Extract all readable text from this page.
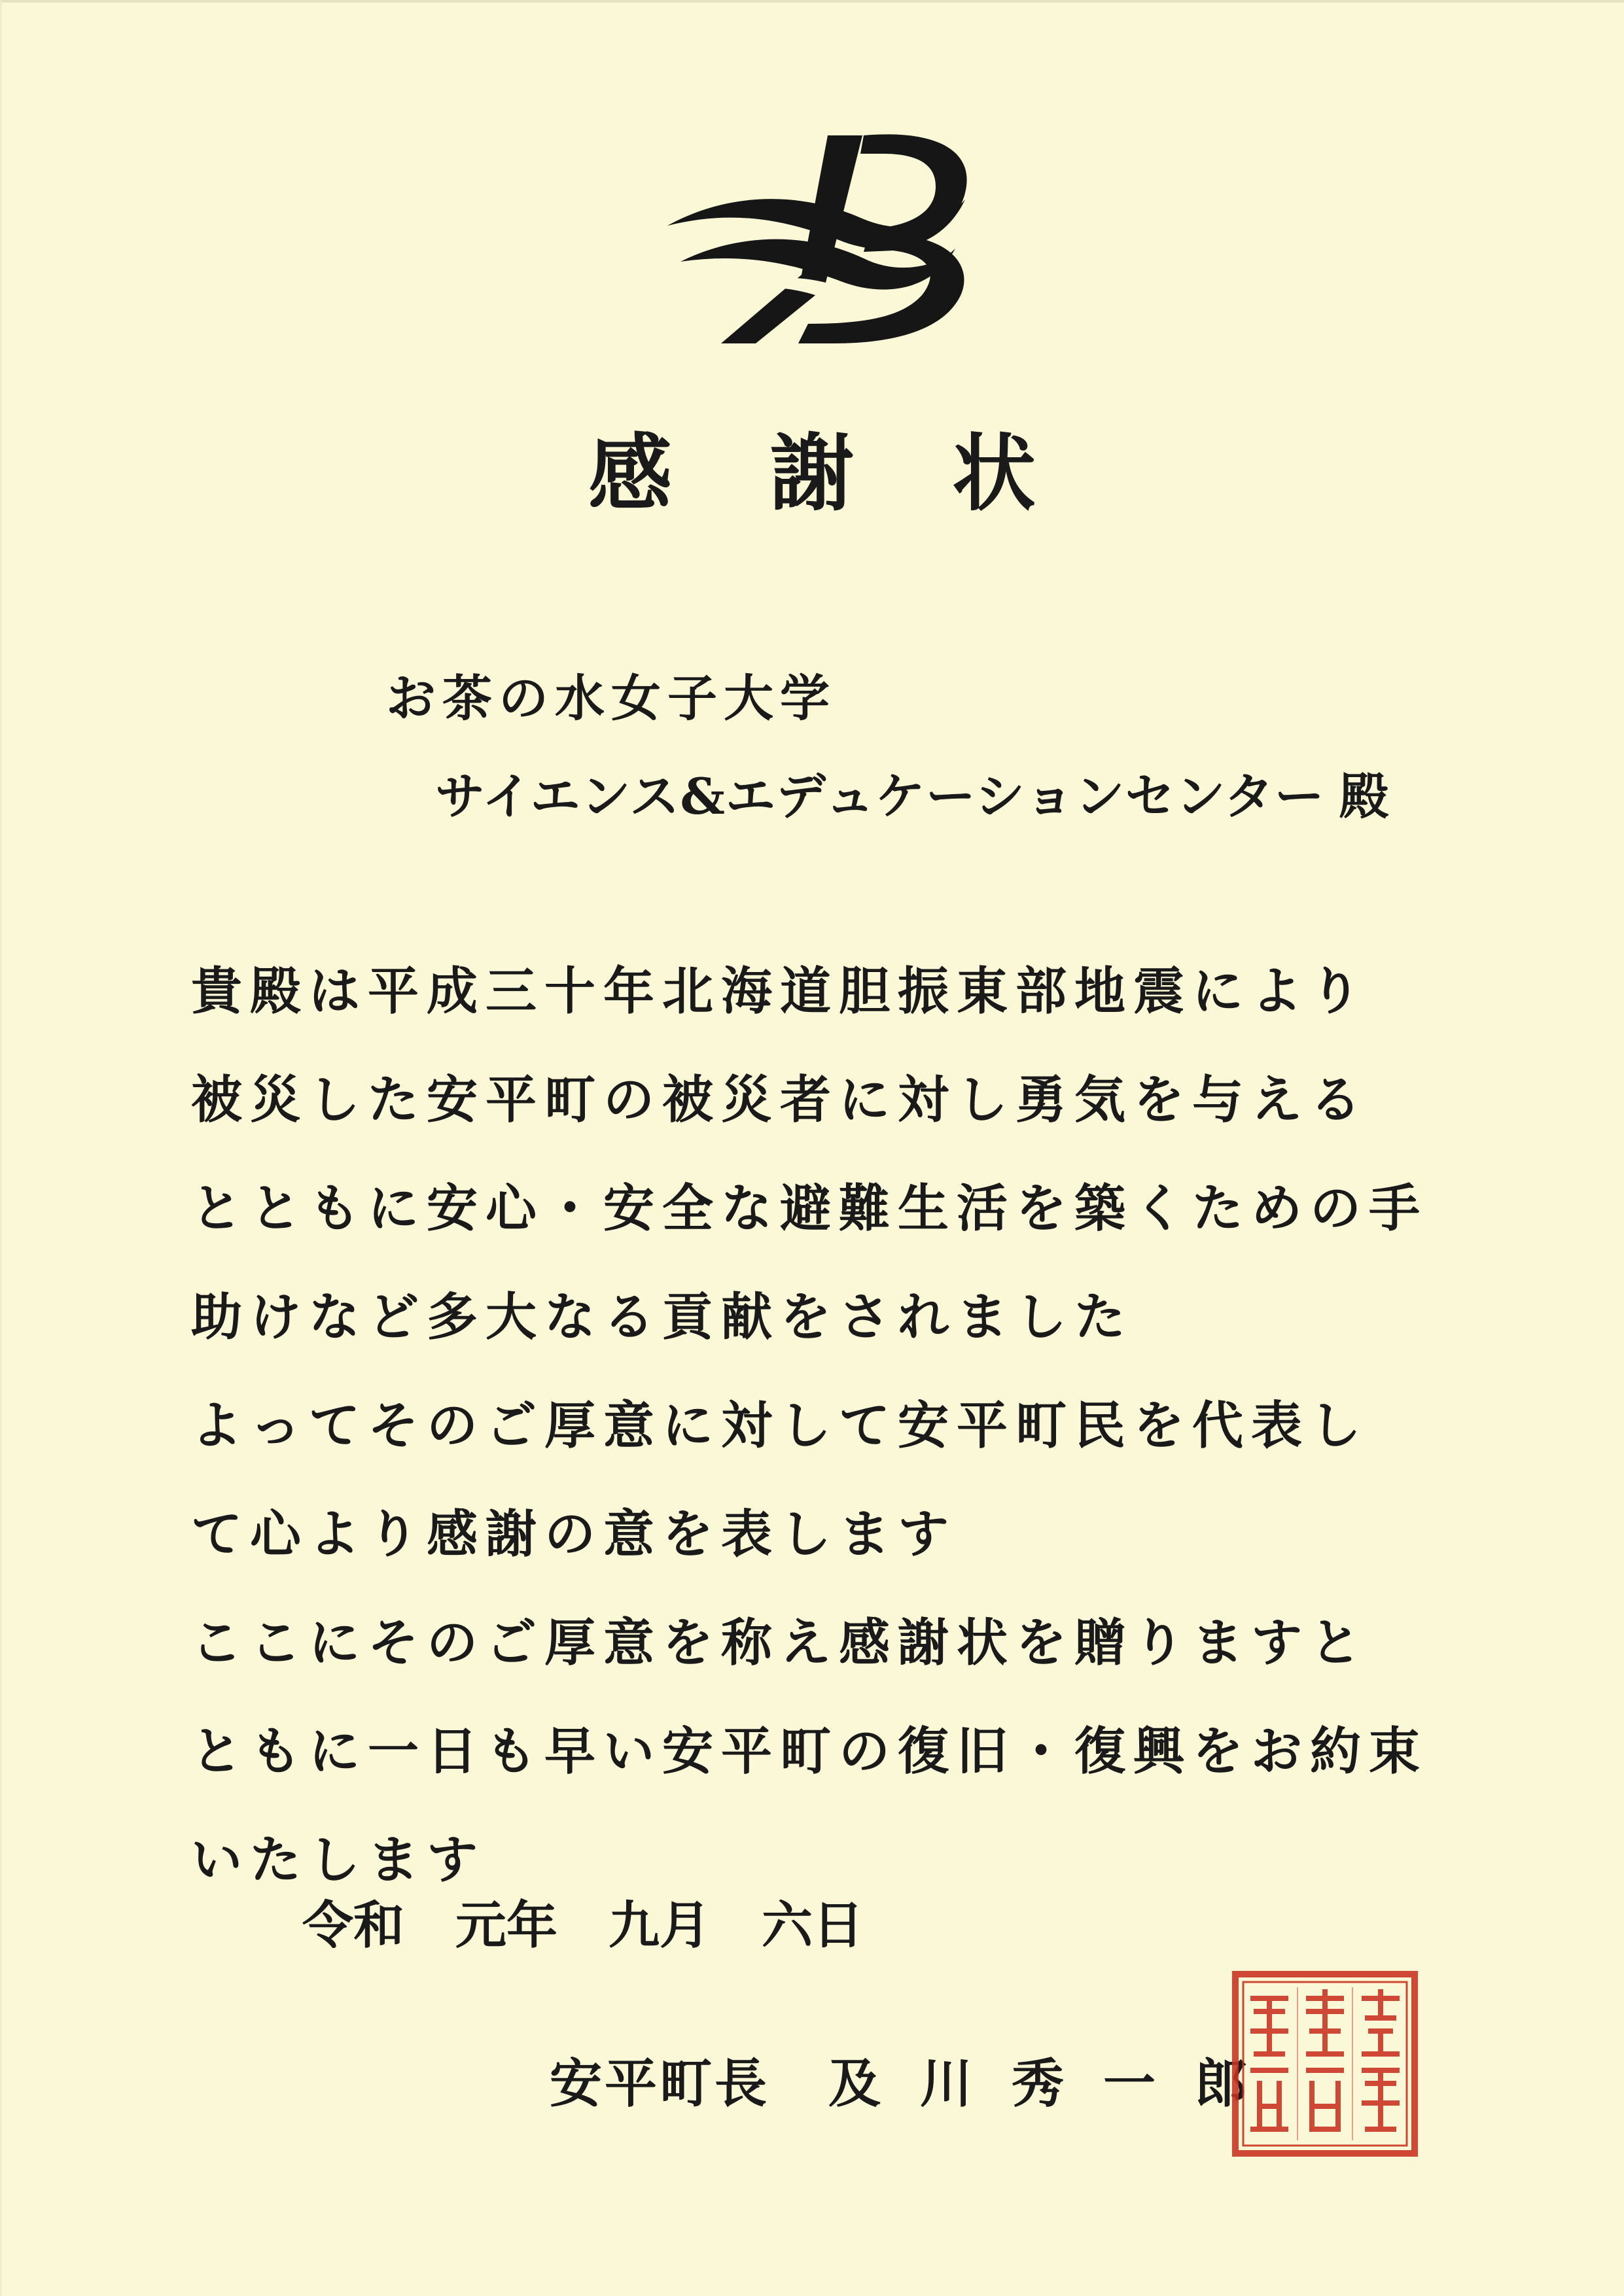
感謝状
お茶の水女子大学
サイエンス&エデュケーションセンター 殿
貴殿は平成三十年北海道胆振東部地震により
被災した安平町の被災者に対し勇気を与える
とともに安心・安全な避難生活を築くための手
助けなど多大なる貢献をされました
よってそのご厚意に対して安平町民を代表し
て心より感謝の意を表します
ここにそのご厚意を称え感謝状を贈りますと
ともに一日も早い安平町の復旧・復興をお約束
いたします
令和 元年 九月 六日
安平町長 及川秀一郎
